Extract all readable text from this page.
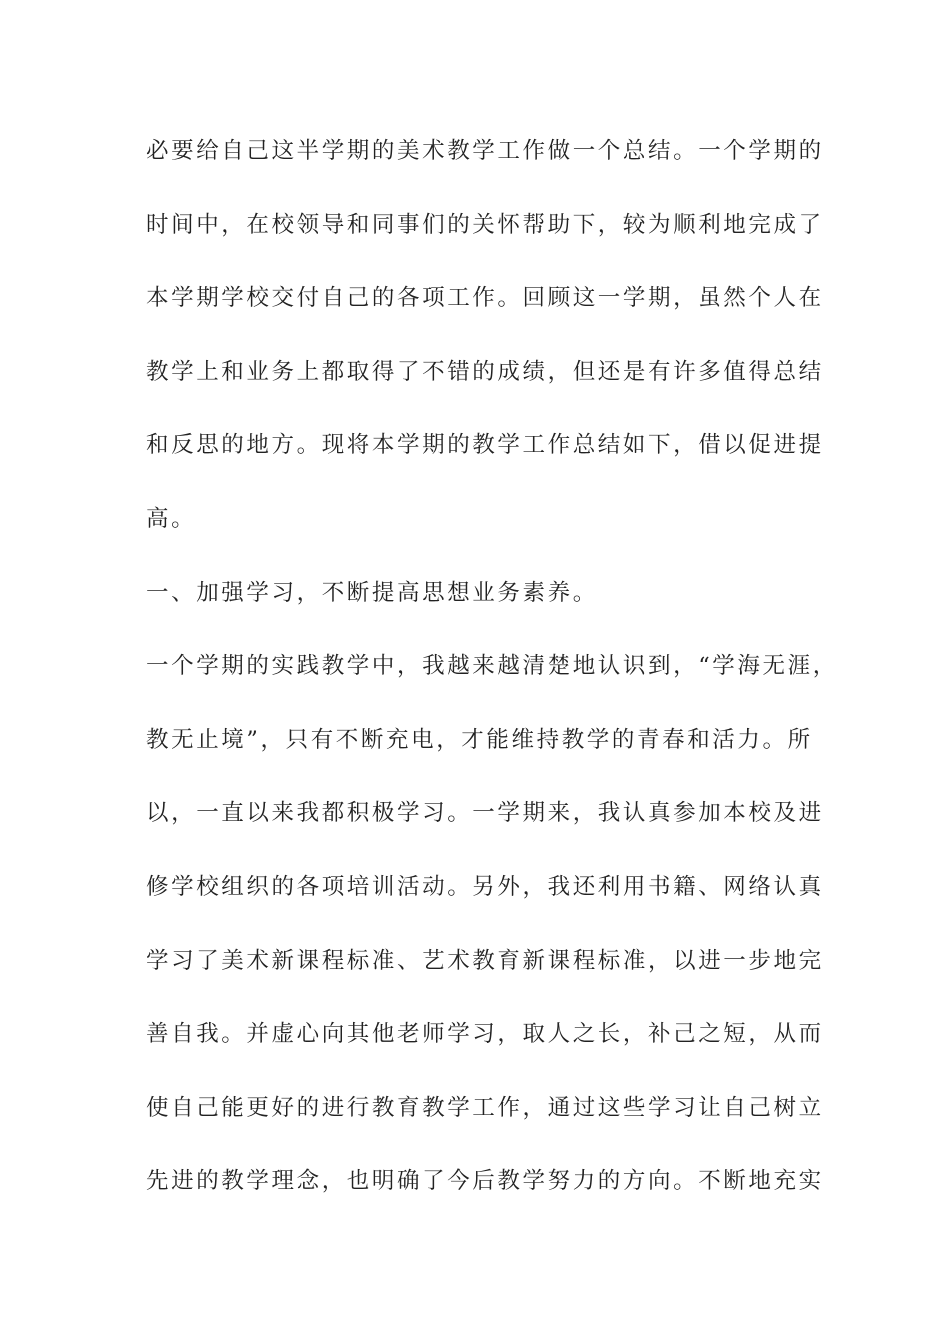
必要给自己这半学期的美术教学工作做一个总结。一个学期的
时间中，在校领导和同事们的关怀帮助下，较为顺利地完成了
本学期学校交付自己的各项工作。回顾这一学期，虽然个人在
教学上和业务上都取得了不错的成绩，但还是有许多值得总结
和反思的地方。现将本学期的教学工作总结如下，借以促进提
高。
一、加强学习，不断提高思想业务素养。
一个学期的实践教学中，我越来越清楚地认识到，“学海无涯，
教无止境”，只有不断充电，才能维持教学的青春和活力。所
以，一直以来我都积极学习。一学期来，我认真参加本校及进
修学校组织的各项培训活动。另外，我还利用书籍、网络认真
学习了美术新课程标准、艺术教育新课程标准，以进一步地完
善自我。并虚心向其他老师学习，取人之长，补己之短，从而
使自己能更好的进行教育教学工作，通过这些学习让自己树立
先进的教学理念，也明确了今后教学努力的方向。不断地充实
